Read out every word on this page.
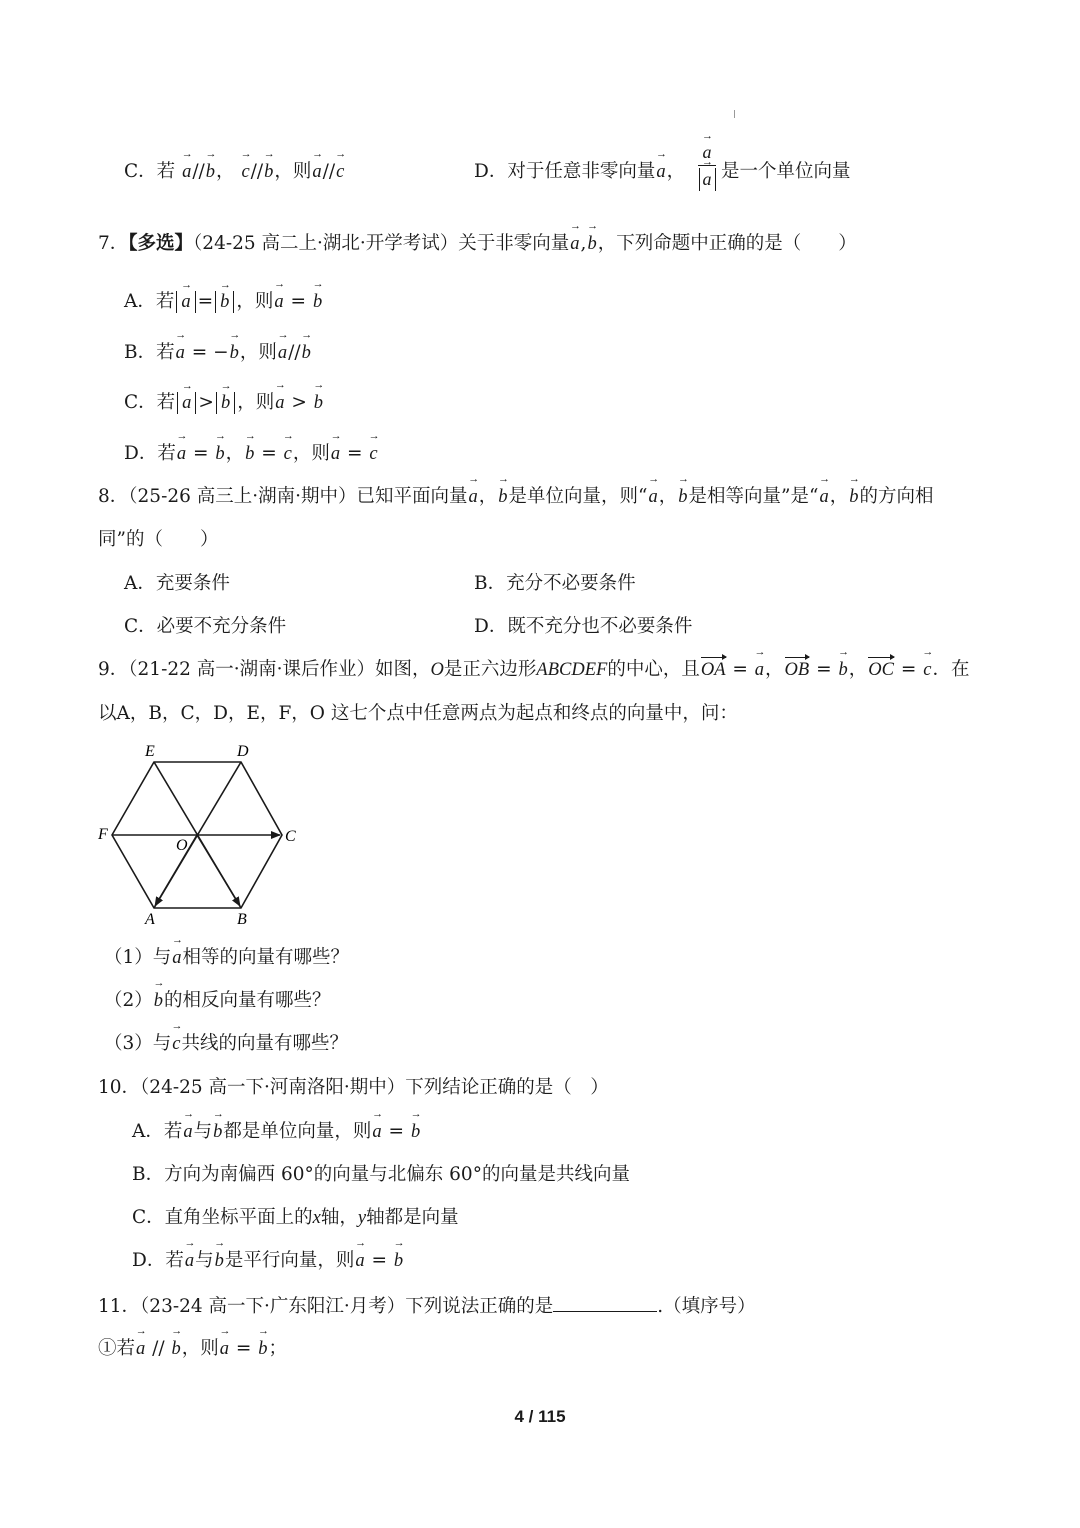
C．若 → a//→ b， → c//→ b，则→ a//→ c	D．对于任意非零向量→ a，
→ a
→ a 是一个单位向量
7．【多选】（24-25 高二上·湖北·开学考试）关于非零向量→ a,→ b，下列命题中正确的是（　　）
A．若 → a = → b ，则→ a = → b
B．若→ a = −→ b，则→ a//→ b
C．若 → a > → b ，则→ a > → b
D．若→ a = → b，→ b = → c，则→ a = → c
8．（25-26 高三上·湖南·期中）已知平面向量→ a，→ b是单位向量，则“→ a，→ b是相等向量”是“→ a，→ b的方向相
同”的（　　）
A．充要条件	B．充分不必要条件
C．必要不充分条件	D．既不充分也不必要条件
9．（21-22 高一·湖南·课后作业）如图，O是正六边形ABCDEF的中心，且OA = → a，OB = → b，OC = → c．在
以A，B，C，D，E，F，O 这七个点中任意两点为起点和终点的向量中，问：
E	D
F	C
O
A	B
（1）与→ a相等的向量有哪些？
（2）→ b的相反向量有哪些？
（3）与→ c共线的向量有哪些？
10．（24-25 高一下·河南洛阳·期中）下列结论正确的是（　）
A．若→ a与→ b都是单位向量，则→ a = → b
B．方向为南偏西 60°的向量与北偏东 60°的向量是共线向量
C．直角坐标平面上的x轴，y轴都是向量
D．若→ a与→ b是平行向量，则→ a = → b
11．（23-24 高一下·广东阳江·月考）下列说法正确的是	.（填序号）
①若→ a // → b，则→ a = → b；
4 / 115
